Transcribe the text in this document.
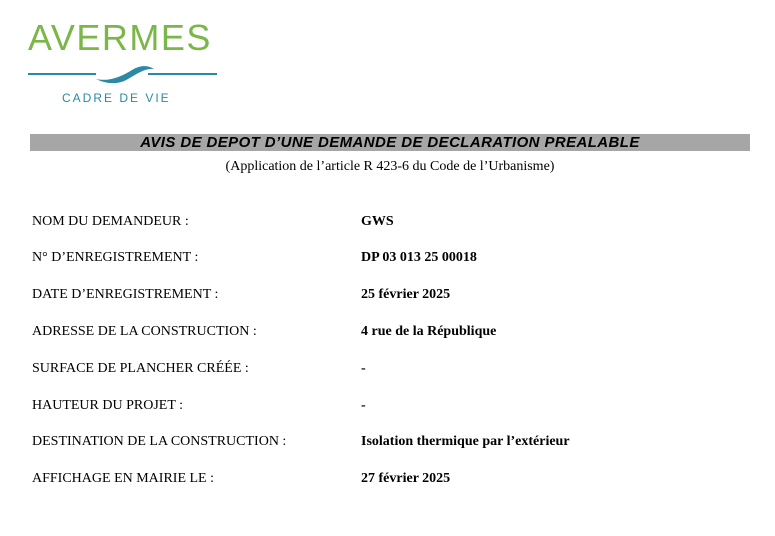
AVERMES
CADRE DE VIE
AVIS DE DEPOT D’UNE DEMANDE DE DECLARATION PREALABLE
(Application de l’article R 423-6 du Code de l’Urbanisme)
NOM DU DEMANDEUR :	GWS
N° D’ENREGISTREMENT :	DP 03 013 25 00018
DATE D’ENREGISTREMENT :	25 février 2025
ADRESSE DE LA CONSTRUCTION :	4 rue de la République
SURFACE DE PLANCHER CRÉÉE :	-
HAUTEUR DU PROJET :	-
DESTINATION DE LA CONSTRUCTION :	Isolation thermique par l’extérieur
AFFICHAGE EN MAIRIE LE :	27 février 2025
